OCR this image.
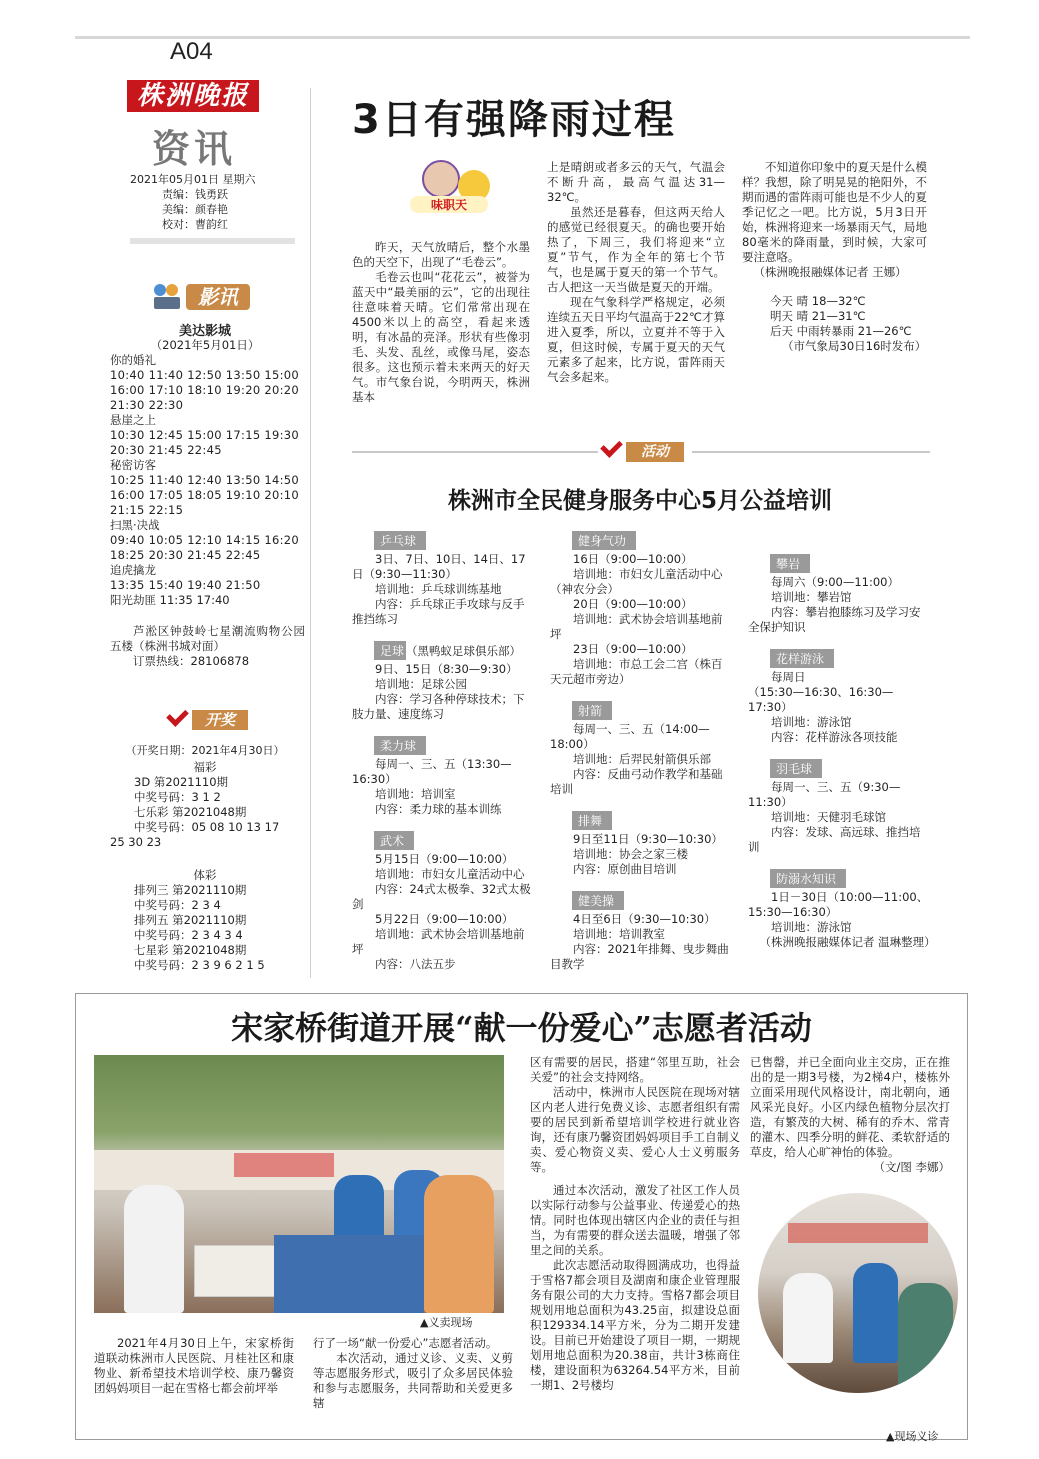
A04
株洲晚报
资讯
2021年05月01日 星期六
责编：钱勇跃
美编：颜春艳
校对：曹韵红
3日有强降雨过程
味职天

昨天，天气放晴后，整个水墨色的天空下，出现了“毛卷云”。

毛卷云也叫“花花云”，被誉为蓝天中“最美丽的云”，它的出现往往意味着天晴。它们常常出现在4500米以上的高空，看起来透明，有冰晶的亮泽。形状有些像羽毛、头发、乱丝，或像马尾，姿态很多。这也预示着未来两天的好天气。市气象台说，今明两天，株洲基本

上是晴朗或者多云的天气，气温会不断升高，最高气温达31—32℃。

虽然还是暮春，但这两天给人的感觉已经很夏天。的确也要开始热了，下周三，我们将迎来“立夏”节气，作为全年的第七个节气，也是属于夏天的第一个节气。古人把这一天当做是夏天的开端。

现在气象科学严格规定，必须连续五天日平均气温高于22℃才算进入夏季，所以，立夏并不等于入夏，但这时候，专属于夏天的天气元素多了起来，比方说，雷阵雨天气会多起来。

不知道你印象中的夏天是什么模样？我想，除了明晃晃的艳阳外，不期而遇的雷阵雨可能也是不少人的夏季记忆之一吧。比方说，5月3日开始，株洲将迎来一场暴雨天气，局地80毫米的降雨量，到时候，大家可要注意咯。

（株洲晚报融媒体记者 王娜）

今天 晴 18—32℃

明天 晴 21—31℃

后天 中雨转暴雨 21—26℃

（市气象局30日16时发布）

影讯
美达影城
（2021年5月01日）

你的婚礼

10:40 11:40 12:50 13:50 15:00

16:00 17:10 18:10 19:20 20:20

21:30 22:30

悬崖之上

10:30 12:45 15:00 17:15 19:30

20:30 21:45 22:45

秘密访客

10:25 11:40 12:40 13:50 14:50

16:00 17:05 18:05 19:10 20:10

21:15 22:15

扫黑·决战

09:40 10:05 12:10 14:15 16:20

18:25 20:30 21:45 22:45

追虎擒龙

13:35 15:40 19:40 21:50

阳光劫匪 11:35 17:40

芦淞区钟鼓岭七星潮流购物公园五楼（株洲书城对面）

订票热线：28106878

开奖
（开奖日期：2021年4月30日）

福彩

3D 第2021110期

中奖号码：3 1 2

七乐彩 第2021048期

中奖号码：05 08 10 13 17

25 30 23

体彩

排列三 第2021110期

中奖号码：2 3 4

排列五 第2021110期

中奖号码：2 3 4 3 4

七星彩 第2021048期

中奖号码：2 3 9 6 2 1 5

活动
株洲市全民健身服务中心5月公益培训
乒乓球

3日、7日、10日、14日、17日（9:30—11:30）

培训地：乒乓球训练基地

内容：乒乓球正手攻球与反手推挡练习

足球 （黑鸭蚁足球俱乐部）

9日、15日（8:30—9:30）

培训地：足球公园

内容：学习各种停球技术；下肢力量、速度练习

柔力球

每周一、三、五（13:30—16:30）

培训地：培训室

内容：柔力球的基本训练

武术

5月15日（9:00—10:00）

培训地：市妇女儿童活动中心

内容：24式太极拳、32式太极剑

5月22日（9:00—10:00）

培训地：武术协会培训基地前坪

内容：八法五步

健身气功

16日（9:00—10:00）

培训地：市妇女儿童活动中心（神农分会）

20日（9:00—10:00）

培训地：武术协会培训基地前坪

23日（9:00—10:00）

培训地：市总工会二宫（株百天元超市旁边）

射箭

每周一、三、五（14:00—18:00）

培训地：后羿民射箭俱乐部

内容：反曲弓动作教学和基础培训

排舞

9日至11日（9:30—10:30）

培训地：协会之家三楼

内容：原创曲目培训

健美操

4日至6日（9:30—10:30）

培训地：培训教室

内容：2021年排舞、曳步舞曲目教学

攀岩

每周六（9:00—11:00）

培训地：攀岩馆

内容：攀岩抱膝练习及学习安全保护知识

花样游泳

每周日

（15:30—16:30、16:30—17:30）

培训地：游泳馆

内容：花样游泳各项技能

羽毛球

每周一、三、五（9:30—11:30）

培训地：天健羽毛球馆

内容：发球、高远球、推挡培训

防溺水知识

1日－30日（10:00—11:00、15:30—16:30）

培训地：游泳馆

（株洲晚报融媒体记者 温琳整理）

宋家桥街道开展“献一份爱心”志愿者活动
▲义卖现场
▲现场义诊

2021年4月30日上午，宋家桥街道联动株洲市人民医院、月桂社区和康物业、新希望技术培训学校、康乃馨资团妈妈项目一起在雪格七都会前坪举

行了一场“献一份爱心”志愿者活动。

本次活动，通过义诊、义卖、义剪等志愿服务形式，吸引了众多居民体验和参与志愿服务，共同帮助和关爱更多辖

区有需要的居民，搭建“邻里互助，社会关爱”的社会支持网络。

活动中，株洲市人民医院在现场对辖区内老人进行免费义诊、志愿者组织有需要的居民到新希望培训学校进行就业咨询，还有康乃馨资团妈妈项目手工自制义卖、爱心物资义卖、爱心人士义剪服务等。

通过本次活动，激发了社区工作人员以实际行动参与公益事业、传递爱心的热情。同时也体现出辖区内企业的责任与担当，为有需要的群众送去温暖，增强了邻里之间的关系。

此次志愿活动取得圆满成功，也得益于雪格7都会项目及湖南和康企业管理服务有限公司的大力支持。雪格7都会项目规划用地总面积为43.25亩，拟建设总面积129334.14平方米，分为二期开发建设。目前已开始建设了项目一期，一期规划用地总面积为20.38亩，共计3栋商住楼，建设面积为63264.54平方米，目前一期1、2号楼均

已售罄，并已全面向业主交房，正在推出的是一期3号楼，为2梯4户，楼栋外立面采用现代风格设计，南北朝向，通风采光良好。小区内绿色植物分层次打造，有繁茂的大树、稀有的乔木、常青的灌木、四季分明的鲜花、柔软舒适的草皮，给人心旷神怡的体验。

（文/图 李娜）
